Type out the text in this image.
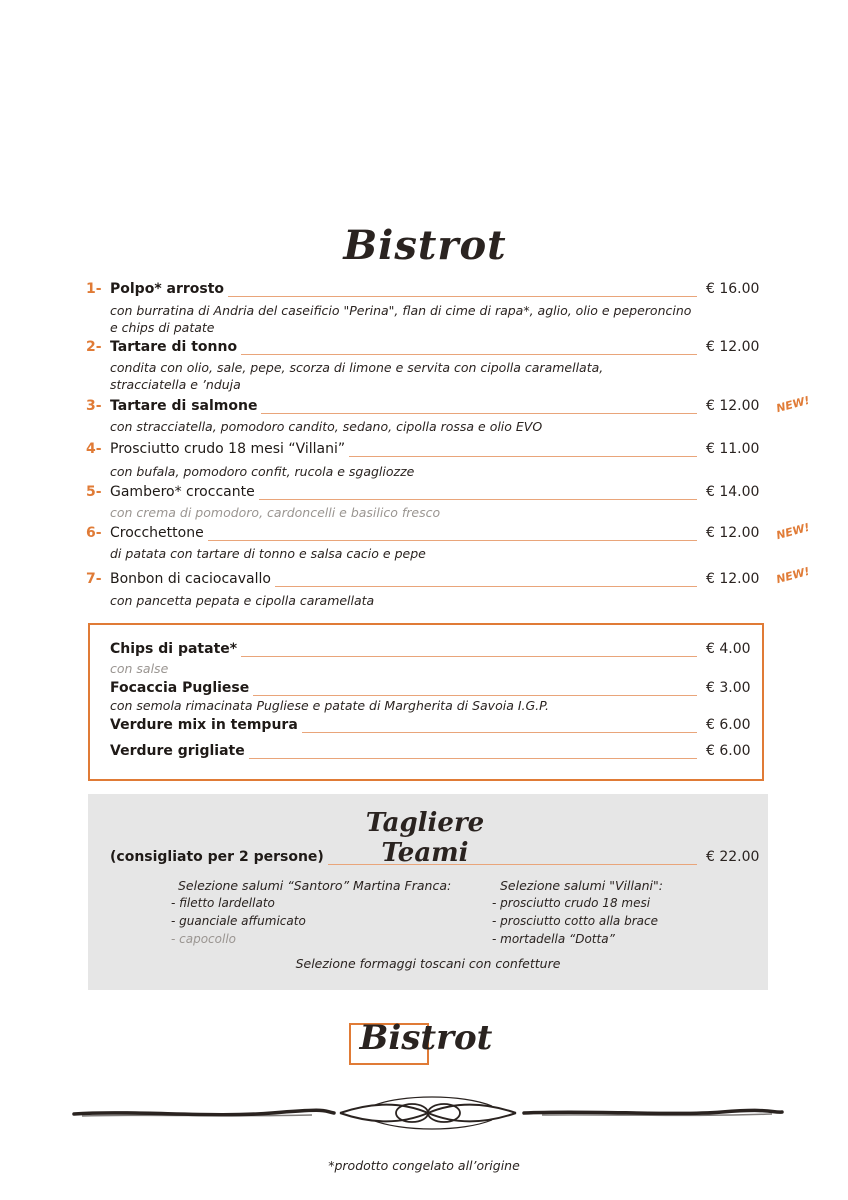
Bistrot
1- Polpo* arrosto	€ 16.00
con burratina di Andria del caseificio "Perina", flan di cime di rapa*, aglio, olio e peperoncino
e chips di patate
2- Tartare di tonno	€ 12.00
condita con olio, sale, pepe, scorza di limone e servita con cipolla caramellata,
stracciatella e ’nduja
3- Tartare di salmone	€ 12.00
con stracciatella, pomodoro candito, sedano, cipolla rossa e olio EVO
NEW!
4- Prosciutto crudo 18 mesi “Villani”	€ 11.00
con bufala, pomodoro confit, rucola e sgagliozze
5- Gambero* croccante	€ 14.00
con crema di pomodoro, cardoncelli e basilico fresco
6- Crocchettone	€ 12.00
di patata con tartare di tonno e salsa cacio e pepe
NEW!
7- Bonbon di caciocavallo	€ 12.00
con pancetta pepata e cipolla caramellata
NEW!
Chips di patate*	€ 4.00
con salse
Focaccia Pugliese	€ 3.00
con semola rimacinata Pugliese e patate di Margherita di Savoia I.G.P.
Verdure mix in tempura	€ 6.00
Verdure grigliate	€ 6.00
Tagliere Teami
(consigliato per 2 persone)	€ 22.00
Selezione salumi “Santoro” Martina Franca:
- filetto lardellato
- guanciale affumicato
- capocollo
Selezione salumi "Villani":
- prosciutto crudo 18 mesi
- prosciutto cotto alla brace
- mortadella “Dotta”
Selezione formaggi toscani con confetture
Bistrot
*prodotto congelato all’origine
